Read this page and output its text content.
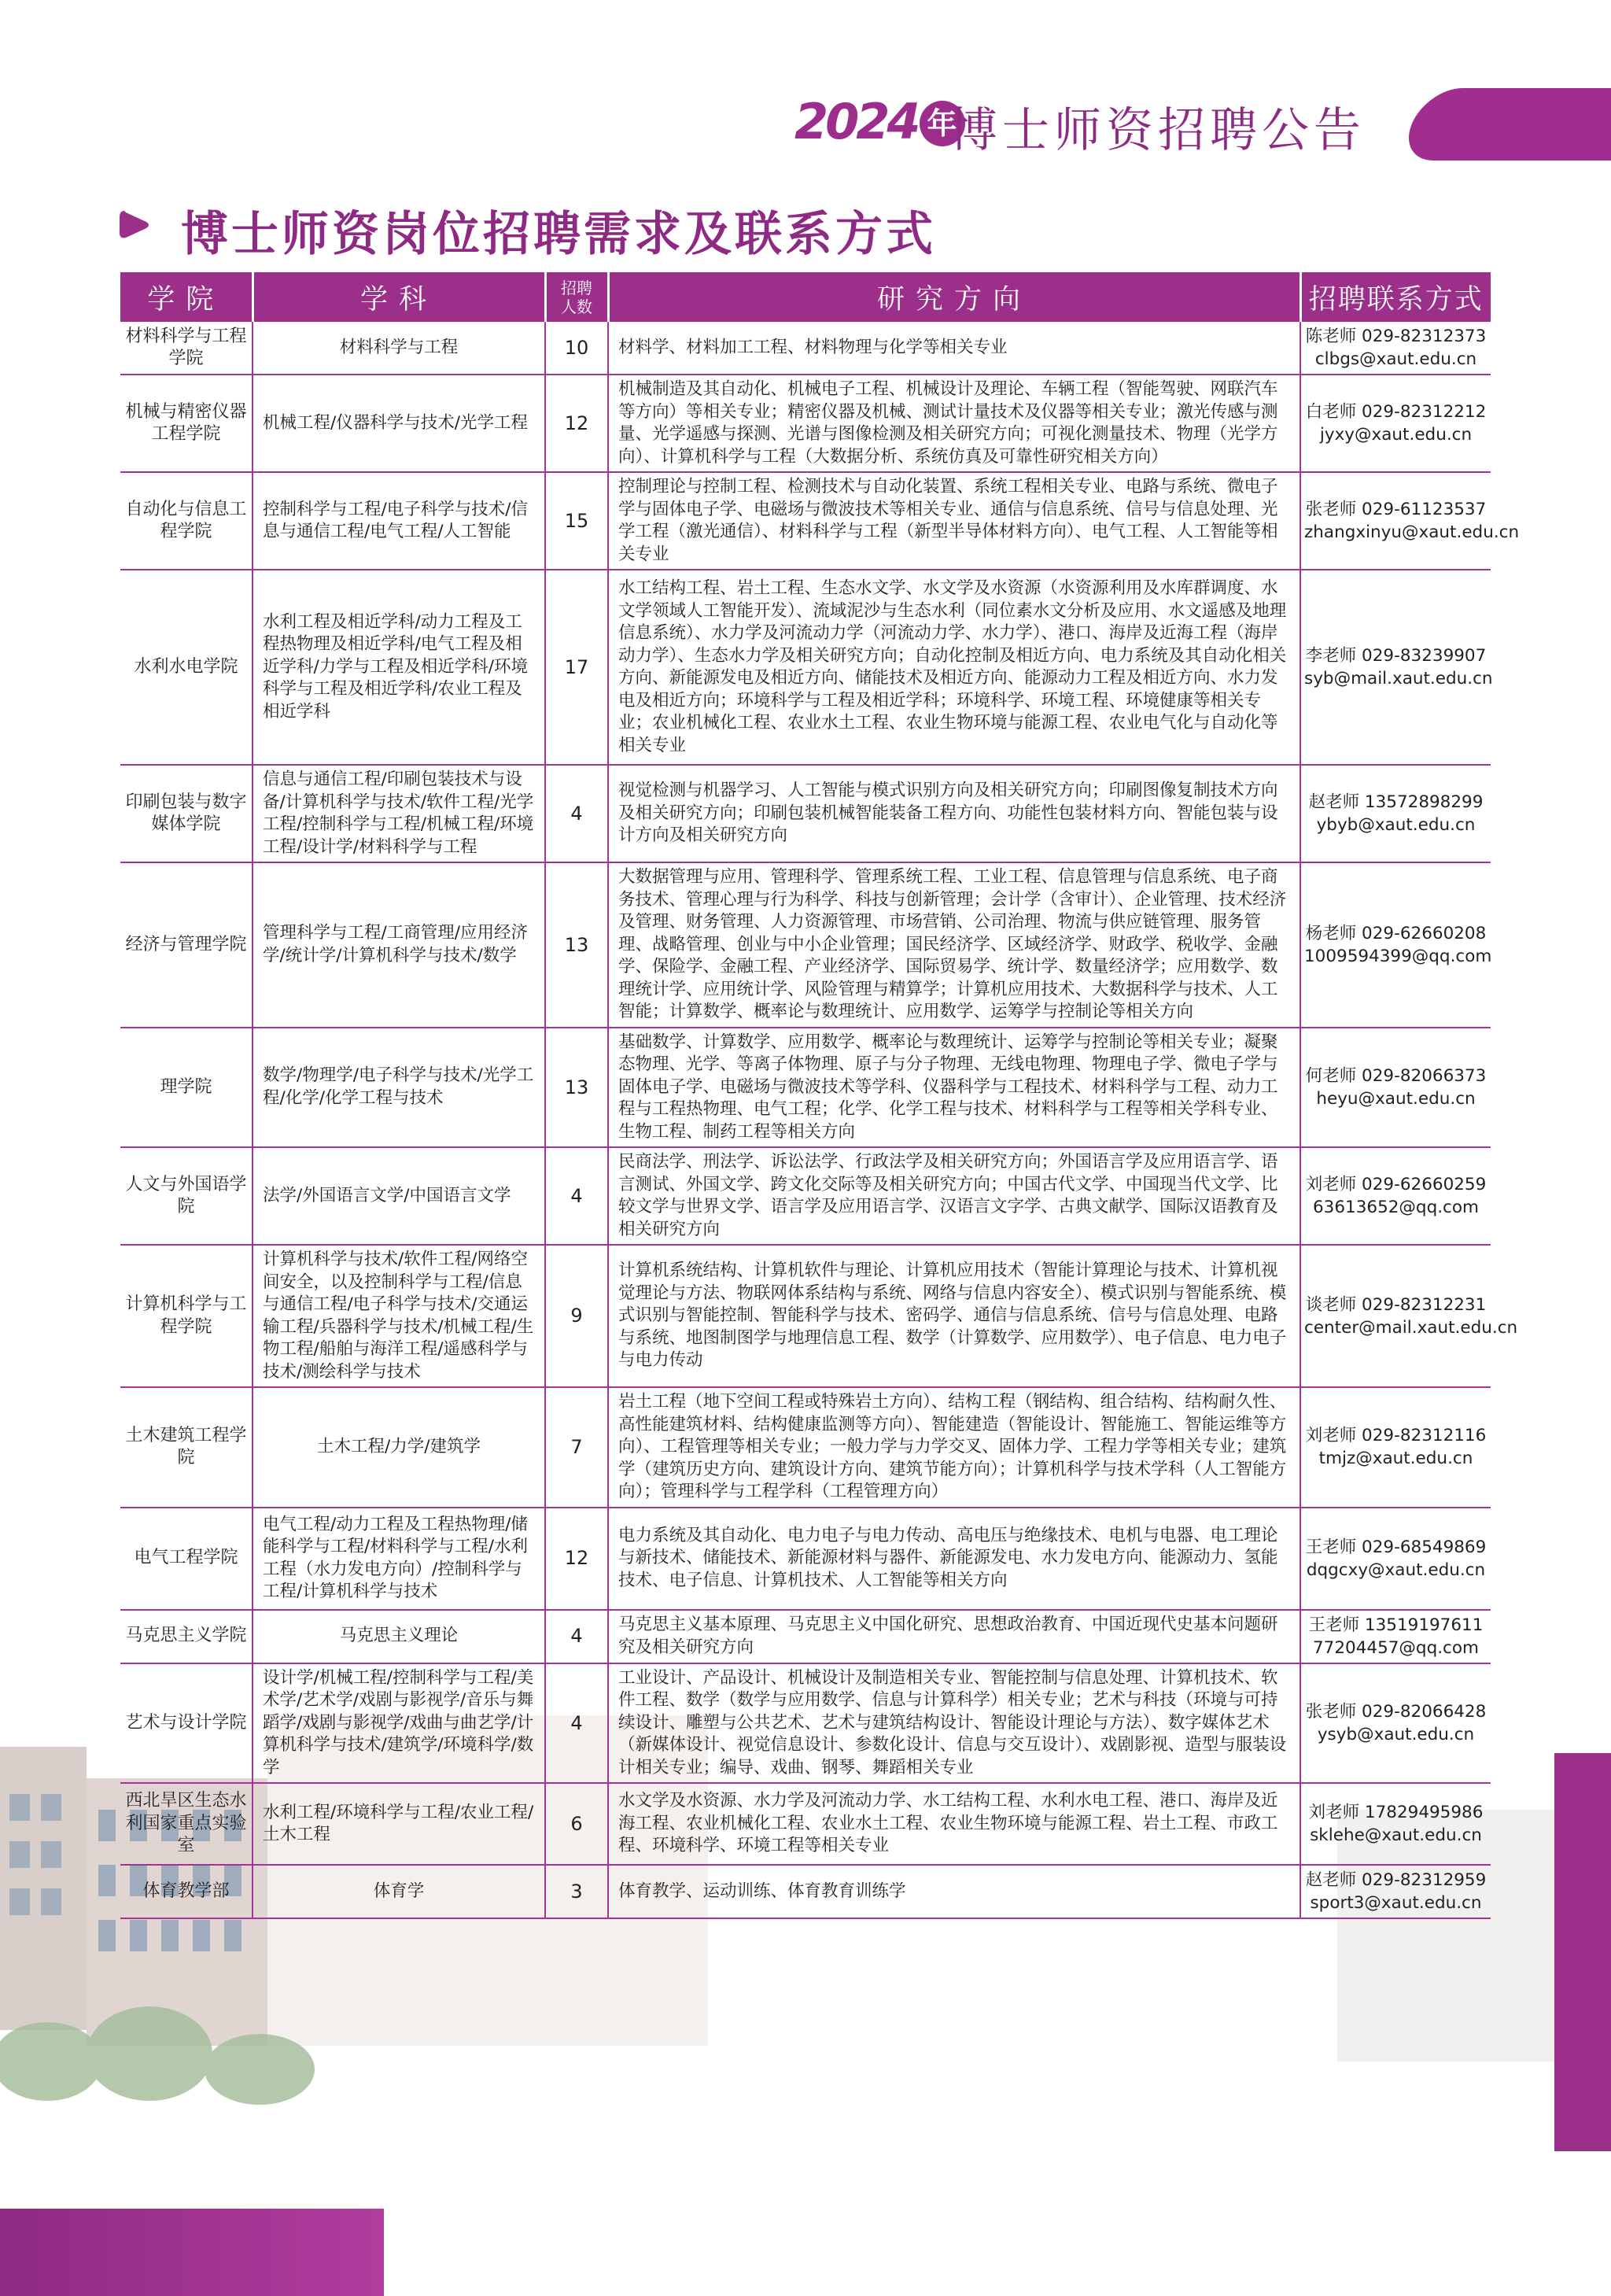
2024 年
博士师资招聘公告
博士师资岗位招聘需求及联系方式
学院	学科	招聘
人数	研究方向	招聘联系方式
材料科学与工程学院	材料科学与工程	10	材料学、材料加工工程、材料物理与化学等相关专业	陈老师 029-82312373
clbgs@xaut.edu.cn

机械与精密仪器工程学院	机械工程/仪器科学与技术/光学工程	12	机械制造及其自动化、机械电子工程、机械设计及理论、车辆工程（智能驾驶、网联汽车等方向）等相关专业；精密仪器及机械、测试计量技术及仪器等相关专业；激光传感与测量、光学遥感与探测、光谱与图像检测及相关研究方向；可视化测量技术、物理（光学方向）、计算机科学与工程（大数据分析、系统仿真及可靠性研究相关方向）	白老师 029-82312212
jyxy@xaut.edu.cn

自动化与信息工程学院	控制科学与工程/电子科学与技术/信息与通信工程/电气工程/人工智能	15	控制理论与控制工程、检测技术与自动化装置、系统工程相关专业、电路与系统、微电子学与固体电子学、电磁场与微波技术等相关专业、通信与信息系统、信号与信息处理、光学工程（激光通信）、材料科学与工程（新型半导体材料方向）、电气工程、人工智能等相关专业	张老师 029-61123537
zhangxinyu@xaut.edu.cn

水利水电学院	水利工程及相近学科/动力工程及工程热物理及相近学科/电气工程及相近学科/力学与工程及相近学科/环境科学与工程及相近学科/农业工程及相近学科	17	水工结构工程、岩土工程、生态水文学、水文学及水资源（水资源利用及水库群调度、水文学领域人工智能开发）、流域泥沙与生态水利（同位素水文分析及应用、水文遥感及地理信息系统）、水力学及河流动力学（河流动力学、水力学）、港口、海岸及近海工程（海岸动力学）、生态水力学及相关研究方向；自动化控制及相近方向、电力系统及其自动化相关方向、新能源发电及相近方向、储能技术及相近方向、能源动力工程及相近方向、水力发电及相近方向；环境科学与工程及相近学科；环境科学、环境工程、环境健康等相关专业；农业机械化工程、农业水土工程、农业生物环境与能源工程、农业电气化与自动化等相关专业	李老师 029-83239907
syb@mail.xaut.edu.cn

印刷包装与数字媒体学院	信息与通信工程/印刷包装技术与设备/计算机科学与技术/软件工程/光学工程/控制科学与工程/机械工程/环境工程/设计学/材料科学与工程	4	视觉检测与机器学习、人工智能与模式识别方向及相关研究方向；印刷图像复制技术方向及相关研究方向；印刷包装机械智能装备工程方向、功能性包装材料方向、智能包装与设计方向及相关研究方向	赵老师 13572898299
ybyb@xaut.edu.cn

经济与管理学院	管理科学与工程/工商管理/应用经济学/统计学/计算机科学与技术/数学	13	大数据管理与应用、管理科学、管理系统工程、工业工程、信息管理与信息系统、电子商务技术、管理心理与行为科学、科技与创新管理；会计学（含审计）、企业管理、技术经济及管理、财务管理、人力资源管理、市场营销、公司治理、物流与供应链管理、服务管理、战略管理、创业与中小企业管理；国民经济学、区域经济学、财政学、税收学、金融学、保险学、金融工程、产业经济学、国际贸易学、统计学、数量经济学；应用数学、数理统计学、应用统计学、风险管理与精算学；计算机应用技术、大数据科学与技术、人工智能；计算数学、概率论与数理统计、应用数学、运筹学与控制论等相关方向	杨老师 029-62660208
1009594399@qq.com

理学院	数学/物理学/电子科学与技术/光学工程/化学/化学工程与技术	13	基础数学、计算数学、应用数学、概率论与数理统计、运筹学与控制论等相关专业；凝聚态物理、光学、等离子体物理、原子与分子物理、无线电物理、物理电子学、微电子学与固体电子学、电磁场与微波技术等学科、仪器科学与工程技术、材料科学与工程、动力工程与工程热物理、电气工程；化学、化学工程与技术、材料科学与工程等相关学科专业、生物工程、制药工程等相关方向	何老师 029-82066373
heyu@xaut.edu.cn

人文与外国语学院	法学/外国语言文学/中国语言文学	4	民商法学、刑法学、诉讼法学、行政法学及相关研究方向；外国语言学及应用语言学、语言测试、外国文学、跨文化交际等及相关研究方向；中国古代文学、中国现当代文学、比较文学与世界文学、语言学及应用语言学、汉语言文字学、古典文献学、国际汉语教育及相关研究方向	刘老师 029-62660259
63613652@qq.com

计算机科学与工程学院	计算机科学与技术/软件工程/网络空间安全，以及控制科学与工程/信息与通信工程/电子科学与技术/交通运输工程/兵器科学与技术/机械工程/生物工程/船舶与海洋工程/遥感科学与技术/测绘科学与技术	9	计算机系统结构、计算机软件与理论、计算机应用技术（智能计算理论与技术、计算机视觉理论与方法、物联网体系结构与系统、网络与信息内容安全）、模式识别与智能系统、模式识别与智能控制、智能科学与技术、密码学、通信与信息系统、信号与信息处理、电路与系统、地图制图学与地理信息工程、数学（计算数学、应用数学）、电子信息、电力电子与电力传动	谈老师 029-82312231
center@mail.xaut.edu.cn

土木建筑工程学院	土木工程/力学/建筑学	7	岩土工程（地下空间工程或特殊岩土方向）、结构工程（钢结构、组合结构、结构耐久性、高性能建筑材料、结构健康监测等方向）、智能建造（智能设计、智能施工、智能运维等方向）、工程管理等相关专业；一般力学与力学交叉、固体力学、工程力学等相关专业；建筑学（建筑历史方向、建筑设计方向、建筑节能方向）；计算机科学与技术学科（人工智能方向）；管理科学与工程学科（工程管理方向）	刘老师 029-82312116
tmjz@xaut.edu.cn

电气工程学院	电气工程/动力工程及工程热物理/储能科学与工程/材料科学与工程/水利工程（水力发电方向）/控制科学与工程/计算机科学与技术	12	电力系统及其自动化、电力电子与电力传动、高电压与绝缘技术、电机与电器、电工理论与新技术、储能技术、新能源材料与器件、新能源发电、水力发电方向、能源动力、氢能技术、电子信息、计算机技术、人工智能等相关方向	王老师 029-68549869
dqgcxy@xaut.edu.cn

马克思主义学院	马克思主义理论	4	马克思主义基本原理、马克思主义中国化研究、思想政治教育、中国近现代史基本问题研究及相关研究方向	王老师 13519197611
77204457@qq.com

艺术与设计学院	设计学/机械工程/控制科学与工程/美术学/艺术学/戏剧与影视学/音乐与舞蹈学/戏剧与影视学/戏曲与曲艺学/计算机科学与技术/建筑学/环境科学/数学	4	工业设计、产品设计、机械设计及制造相关专业、智能控制与信息处理、计算机技术、软件工程、数学（数学与应用数学、信息与计算科学）相关专业；艺术与科技（环境与可持续设计、雕塑与公共艺术、艺术与建筑结构设计、智能设计理论与方法）、数字媒体艺术（新媒体设计、视觉信息设计、参数化设计、信息与交互设计）、戏剧影视、造型与服装设计相关专业；编导、戏曲、钢琴、舞蹈相关专业	张老师 029-82066428
ysyb@xaut.edu.cn

西北旱区生态水利国家重点实验室	水利工程/环境科学与工程/农业工程/土木工程	6	水文学及水资源、水力学及河流动力学、水工结构工程、水利水电工程、港口、海岸及近海工程、农业机械化工程、农业水土工程、农业生物环境与能源工程、岩土工程、市政工程、环境科学、环境工程等相关专业	刘老师 17829495986
sklehe@xaut.edu.cn

体育教学部	体育学	3	体育教学、运动训练、体育教育训练学	赵老师 029-82312959
sport3@xaut.edu.cn
